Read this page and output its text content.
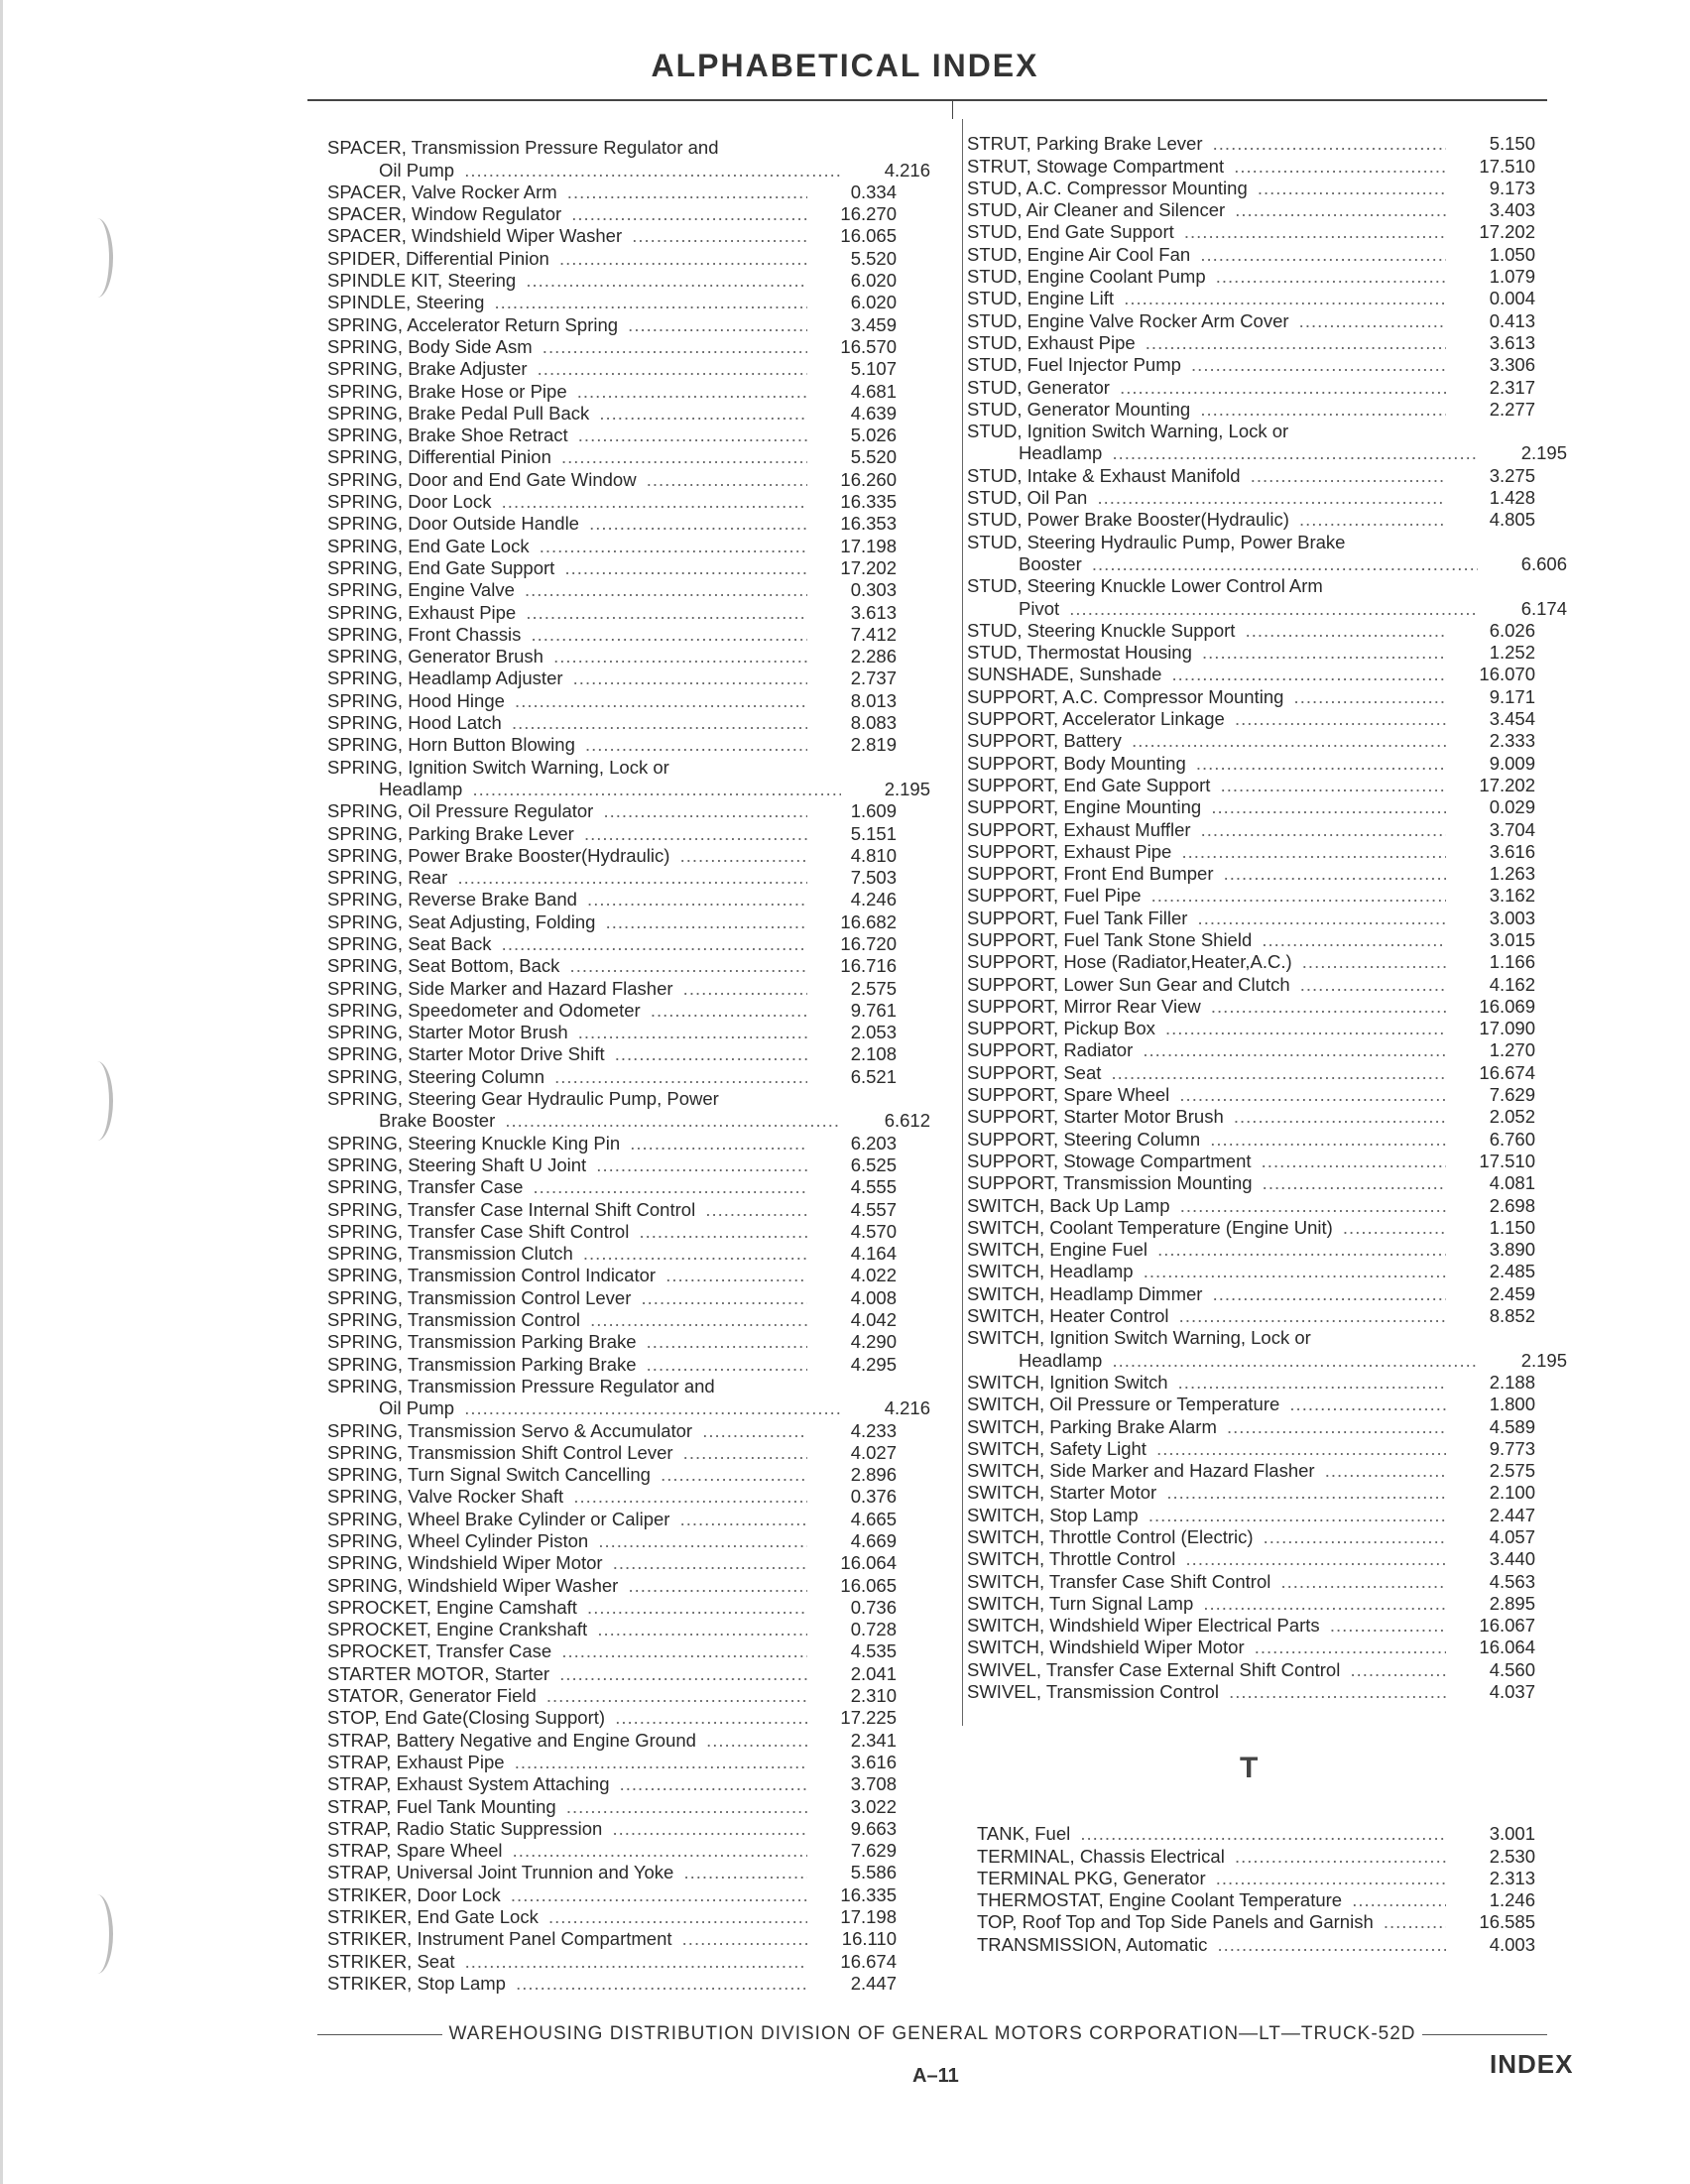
ALPHABETICAL INDEX
SPACER, Transmission Pressure Regulator and
Oil Pump .....	4.216
SPACER, Valve Rocker Arm .....	0.334
SPACER, Window Regulator .....	16.270
SPACER, Windshield Wiper Washer .....	16.065
SPIDER, Differential Pinion .....	5.520
SPINDLE KIT, Steering .....	6.020
SPINDLE, Steering .....	6.020
SPRING, Accelerator Return Spring .....	3.459
SPRING, Body Side Asm .....	16.570
SPRING, Brake Adjuster .....	5.107
SPRING, Brake Hose or Pipe .....	4.681
SPRING, Brake Pedal Pull Back .....	4.639
SPRING, Brake Shoe Retract .....	5.026
SPRING, Differential Pinion .....	5.520
SPRING, Door and End Gate Window .....	16.260
SPRING, Door Lock .....	16.335
SPRING, Door Outside Handle .....	16.353
SPRING, End Gate Lock .....	17.198
SPRING, End Gate Support .....	17.202
SPRING, Engine Valve .....	0.303
SPRING, Exhaust Pipe .....	3.613
SPRING, Front Chassis .....	7.412
SPRING, Generator Brush .....	2.286
SPRING, Headlamp Adjuster .....	2.737
SPRING, Hood Hinge .....	8.013
SPRING, Hood Latch .....	8.083
SPRING, Horn Button Blowing .....	2.819
SPRING, Ignition Switch Warning, Lock or
Headlamp .....	2.195
SPRING, Oil Pressure Regulator .....	1.609
SPRING, Parking Brake Lever .....	5.151
SPRING, Power Brake Booster(Hydraulic) .....	4.810
SPRING, Rear .....	7.503
SPRING, Reverse Brake Band .....	4.246
SPRING, Seat Adjusting, Folding .....	16.682
SPRING, Seat Back .....	16.720
SPRING, Seat Bottom, Back .....	16.716
SPRING, Side Marker and Hazard Flasher .....	2.575
SPRING, Speedometer and Odometer .....	9.761
SPRING, Starter Motor Brush .....	2.053
SPRING, Starter Motor Drive Shift .....	2.108
SPRING, Steering Column .....	6.521
SPRING, Steering Gear Hydraulic Pump, Power
Brake Booster .....	6.612
SPRING, Steering Knuckle King Pin .....	6.203
SPRING, Steering Shaft U Joint .....	6.525
SPRING, Transfer Case .....	4.555
SPRING, Transfer Case Internal Shift Control .....	4.557
SPRING, Transfer Case Shift Control .....	4.570
SPRING, Transmission Clutch .....	4.164
SPRING, Transmission Control Indicator .....	4.022
SPRING, Transmission Control Lever .....	4.008
SPRING, Transmission Control .....	4.042
SPRING, Transmission Parking Brake .....	4.290
SPRING, Transmission Parking Brake .....	4.295
SPRING, Transmission Pressure Regulator and
Oil Pump .....	4.216
SPRING, Transmission Servo & Accumulator .....	4.233
SPRING, Transmission Shift Control Lever .....	4.027
SPRING, Turn Signal Switch Cancelling .....	2.896
SPRING, Valve Rocker Shaft .....	0.376
SPRING, Wheel Brake Cylinder or Caliper .....	4.665
SPRING, Wheel Cylinder Piston .....	4.669
SPRING, Windshield Wiper Motor .....	16.064
SPRING, Windshield Wiper Washer .....	16.065
SPROCKET, Engine Camshaft .....	0.736
SPROCKET, Engine Crankshaft .....	0.728
SPROCKET, Transfer Case .....	4.535
STARTER MOTOR, Starter .....	2.041
STATOR, Generator Field .....	2.310
STOP, End Gate(Closing Support) .....	17.225
STRAP, Battery Negative and Engine Ground .....	2.341
STRAP, Exhaust Pipe .....	3.616
STRAP, Exhaust System Attaching .....	3.708
STRAP, Fuel Tank Mounting .....	3.022
STRAP, Radio Static Suppression .....	9.663
STRAP, Spare Wheel .....	7.629
STRAP, Universal Joint Trunnion and Yoke .....	5.586
STRIKER, Door Lock .....	16.335
STRIKER, End Gate Lock .....	17.198
STRIKER, Instrument Panel Compartment .....	16.110
STRIKER, Seat .....	16.674
STRIKER, Stop Lamp .....	2.447
STRUT, Parking Brake Lever .....	5.150
STRUT, Stowage Compartment .....	17.510
STUD, A.C. Compressor Mounting .....	9.173
STUD, Air Cleaner and Silencer .....	3.403
STUD, End Gate Support .....	17.202
STUD, Engine Air Cool Fan .....	1.050
STUD, Engine Coolant Pump .....	1.079
STUD, Engine Lift .....	0.004
STUD, Engine Valve Rocker Arm Cover .....	0.413
STUD, Exhaust Pipe .....	3.613
STUD, Fuel Injector Pump .....	3.306
STUD, Generator .....	2.317
STUD, Generator Mounting .....	2.277
STUD, Ignition Switch Warning, Lock or
Headlamp .....	2.195
STUD, Intake & Exhaust Manifold .....	3.275
STUD, Oil Pan .....	1.428
STUD, Power Brake Booster(Hydraulic) .....	4.805
STUD, Steering Hydraulic Pump, Power Brake
Booster .....	6.606
STUD, Steering Knuckle Lower Control Arm
Pivot .....	6.174
STUD, Steering Knuckle Support .....	6.026
STUD, Thermostat Housing .....	1.252
SUNSHADE, Sunshade .....	16.070
SUPPORT, A.C. Compressor Mounting .....	9.171
SUPPORT, Accelerator Linkage .....	3.454
SUPPORT, Battery .....	2.333
SUPPORT, Body Mounting .....	9.009
SUPPORT, End Gate Support .....	17.202
SUPPORT, Engine Mounting .....	0.029
SUPPORT, Exhaust Muffler .....	3.704
SUPPORT, Exhaust Pipe .....	3.616
SUPPORT, Front End Bumper .....	1.263
SUPPORT, Fuel Pipe .....	3.162
SUPPORT, Fuel Tank Filler .....	3.003
SUPPORT, Fuel Tank Stone Shield .....	3.015
SUPPORT, Hose (Radiator,Heater,A.C.) .....	1.166
SUPPORT, Lower Sun Gear and Clutch .....	4.162
SUPPORT, Mirror Rear View .....	16.069
SUPPORT, Pickup Box .....	17.090
SUPPORT, Radiator .....	1.270
SUPPORT, Seat .....	16.674
SUPPORT, Spare Wheel .....	7.629
SUPPORT, Starter Motor Brush .....	2.052
SUPPORT, Steering Column .....	6.760
SUPPORT, Stowage Compartment .....	17.510
SUPPORT, Transmission Mounting .....	4.081
SWITCH, Back Up Lamp .....	2.698
SWITCH, Coolant Temperature (Engine Unit) .....	1.150
SWITCH, Engine Fuel .....	3.890
SWITCH, Headlamp .....	2.485
SWITCH, Headlamp Dimmer .....	2.459
SWITCH, Heater Control .....	8.852
SWITCH, Ignition Switch Warning, Lock or
Headlamp .....	2.195
SWITCH, Ignition Switch .....	2.188
SWITCH, Oil Pressure or Temperature .....	1.800
SWITCH, Parking Brake Alarm .....	4.589
SWITCH, Safety Light .....	9.773
SWITCH, Side Marker and Hazard Flasher .....	2.575
SWITCH, Starter Motor .....	2.100
SWITCH, Stop Lamp .....	2.447
SWITCH, Throttle Control (Electric) .....	4.057
SWITCH, Throttle Control .....	3.440
SWITCH, Transfer Case Shift Control .....	4.563
SWITCH, Turn Signal Lamp .....	2.895
SWITCH, Windshield Wiper Electrical Parts .....	16.067
SWITCH, Windshield Wiper Motor .....	16.064
SWIVEL, Transfer Case External Shift Control .....	4.560
SWIVEL, Transmission Control .....	4.037
T
TANK, Fuel .....	3.001
TERMINAL, Chassis Electrical .....	2.530
TERMINAL PKG, Generator .....	2.313
THERMOSTAT, Engine Coolant Temperature .....	1.246
TOP, Roof Top and Top Side Panels and Garnish .....	16.585
TRANSMISSION, Automatic .....	4.003
WAREHOUSING DISTRIBUTION DIVISION OF GENERAL MOTORS CORPORATION—LT—TRUCK-52D
A–11	INDEX
